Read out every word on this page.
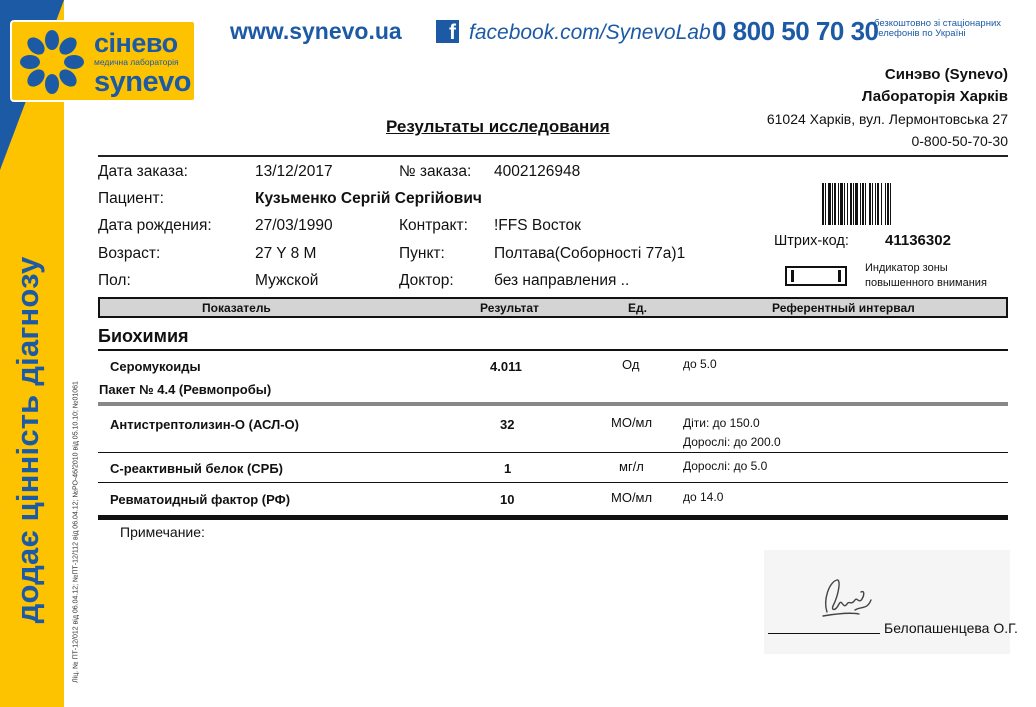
додає цінність діагнозу	Ліц. № ПТ-12/012 від 06.04.12; №ПТ-12/112 від 06.04.12; №РО-46/2010 від 05.10.10; №01061
сінево
медична лабораторія
synevo
www.synevo.ua	f facebook.com/SynevoLab 0 800 50 70 30
безкоштовно зі стаціонарних телефонів по Україні
Синэво (Synevo)
Лабораторія Харків
61024 Харків, вул. Лермонтовська 27
0-800-50-70-30
Результаты исследования
Дата заказа:	13/12/2017	№ заказа: 4002126948
Пациент:	Кузьменко Сергій Сергійович
Дата рождения:	27/03/1990	Контракт: !FFS Восток
Возраст:	27 Y 8 M	Пункт:	Полтава(Соборності 77а)1
Пол:	Мужской	Доктор:	без направления ..
Штрих-код: 41136302
Индикатор зоны повышенного внимания
Показатель	Результат	Ед.	Референтный интервал
Биохимия
Серомукоиды	4.011	Од	до 5.0
Пакет № 4.4 (Ревмопробы)
Антистрептолизин-О (АСЛ-О)	32	МО/мл	Діти: до 150.0
Дорослі: до 200.0
С-реактивный белок (СРБ)	1	мг/л	Дорослі: до 5.0
Ревматоидный фактор (РФ)	10	МО/мл	до 14.0
Примечание:
Белопашенцева О.Г.
